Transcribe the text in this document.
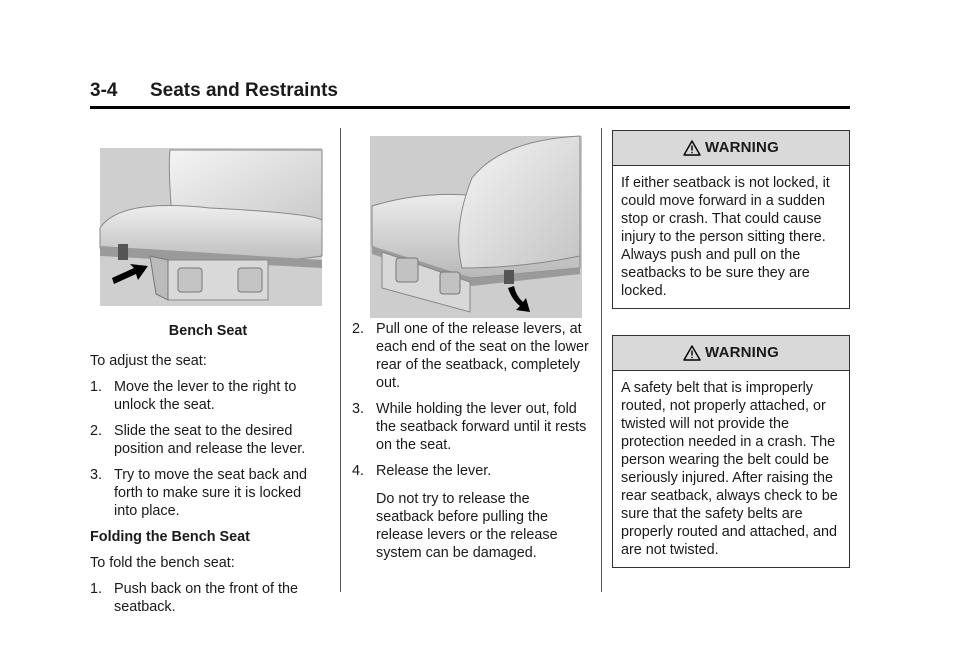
3-4 Seats and Restraints
Bench Seat

To adjust the seat:

1. Move the lever to the right to unlock the seat.
2. Slide the seat to the desired position and release the lever.
3. Try to move the seat back and forth to make sure it is locked into place.

Folding the Bench Seat

To fold the bench seat:

1. Push back on the front of the seatback.
2. Pull one of the release levers, at each end of the seat on the lower rear of the seatback, completely out.
3. While holding the lever out, fold the seatback forward until it rests on the seat.
4. Release the lever.
Do not try to release the seatback before pulling the release levers or the release system can be damaged.
WARNING
If either seatback is not locked, it could move forward in a sudden stop or crash. That could cause injury to the person sitting there. Always push and pull on the seatbacks to be sure they are locked.
WARNING
A safety belt that is improperly routed, not properly attached, or twisted will not provide the protection needed in a crash. The person wearing the belt could be seriously injured. After raising the rear seatback, always check to be sure that the safety belts are properly routed and attached, and are not twisted.
